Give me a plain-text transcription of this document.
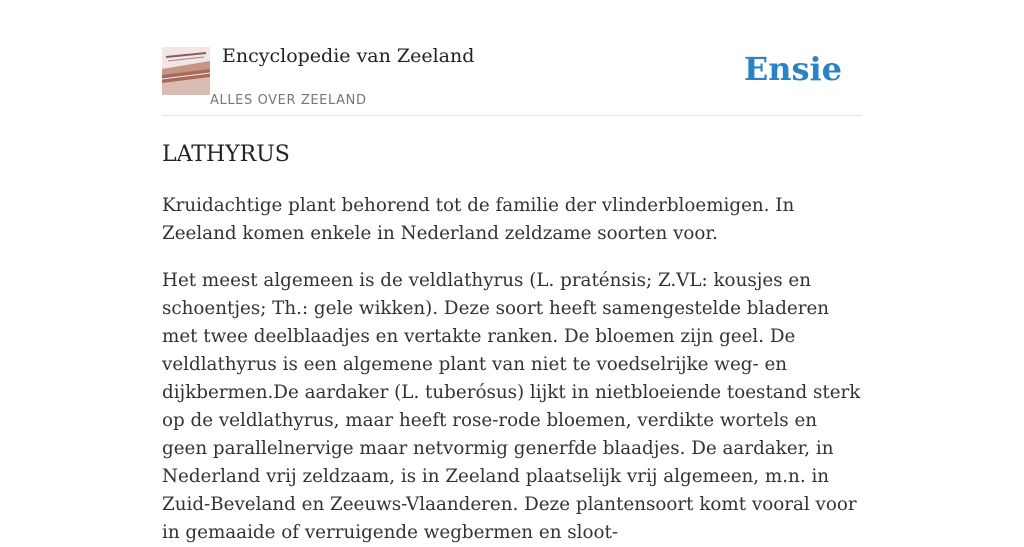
Encyclopedie van Zeeland
ALLES OVER ZEELAND
Ensie
LATHYRUS

Kruidachtige plant behorend tot de familie der vlinderbloemigen. In Zeeland komen enkele in Nederland zeldzame soorten voor.

Het meest algemeen is de veldlathyrus (L. praténsis; Z.VL: kousjes en schoentjes; Th.: gele wikken). Deze soort heeft samengestelde bladeren met twee deelblaadjes en vertakte ranken. De bloemen zijn geel. De veldlathyrus is een algemene plant van niet te voedselrijke weg- en dijkbermen.De aardaker (L. tuberósus) lijkt in nietbloeiende toestand sterk op de veldlathyrus, maar heeft rose-rode bloemen, verdikte wortels en geen parallelnervige maar netvormig generfde blaadjes. De aardaker, in Nederland vrij zeldzaam, is in Zeeland plaatselijk vrij algemeen, m.n. in Zuid-Beveland en Zeeuws-Vlaanderen. Deze plantensoort komt vooral voor in gemaaide of verruigende wegbermen en sloot-
